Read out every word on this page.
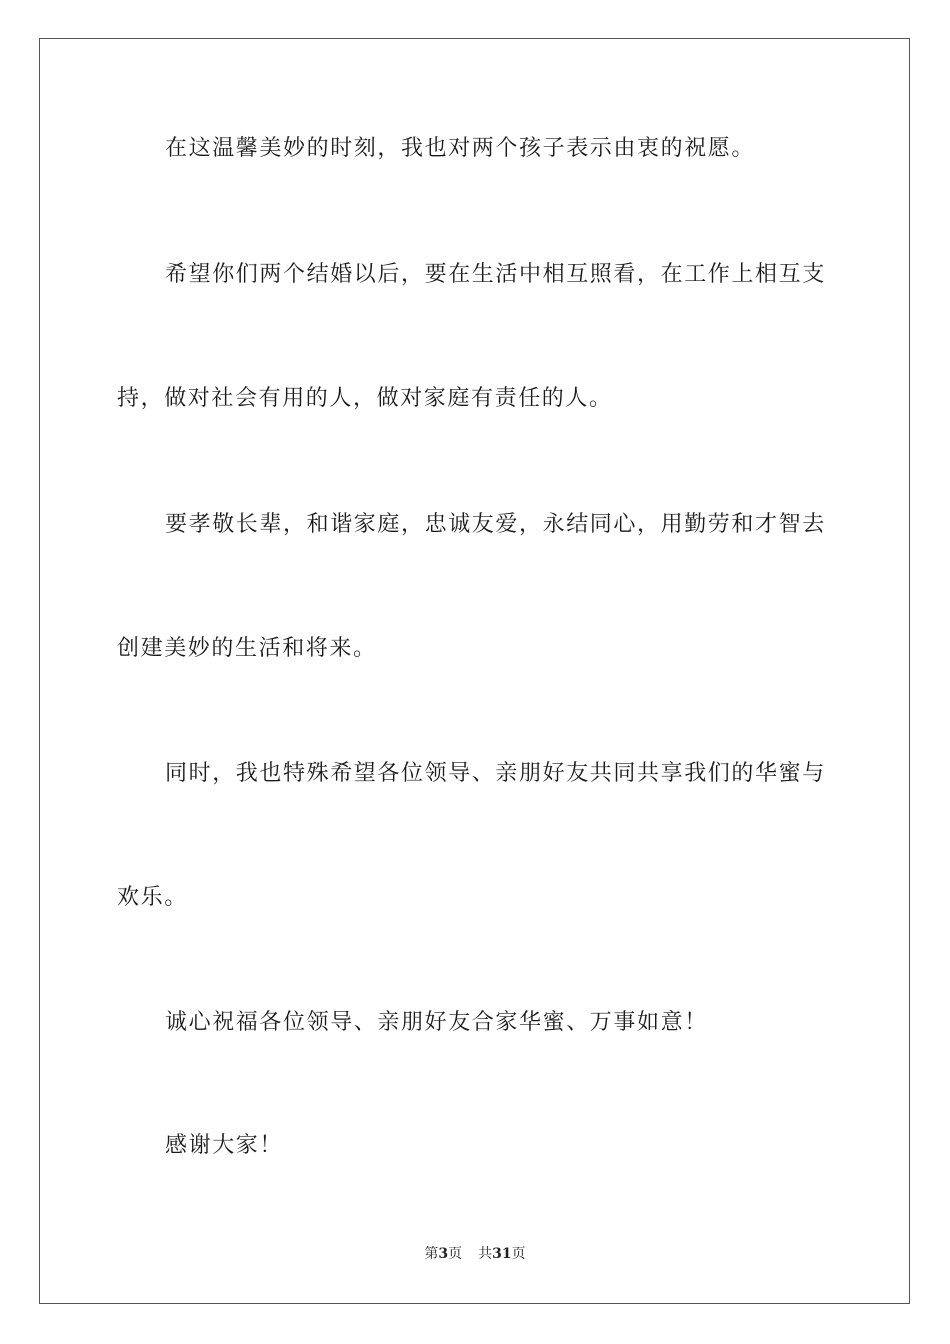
在这温馨美妙的时刻，我也对两个孩子表示由衷的祝愿。
希望你们两个结婚以后，要在生活中相互照看，在工作上相互支
持，做对社会有用的人，做对家庭有责任的人。
要孝敬长辈，和谐家庭，忠诚友爱，永结同心，用勤劳和才智去
创建美妙的生活和将来。
同时，我也特殊希望各位领导、亲朋好友共同共享我们的华蜜与
欢乐。
诚心祝福各位领导、亲朋好友合家华蜜、万事如意！
感谢大家！
第3页 共31页
